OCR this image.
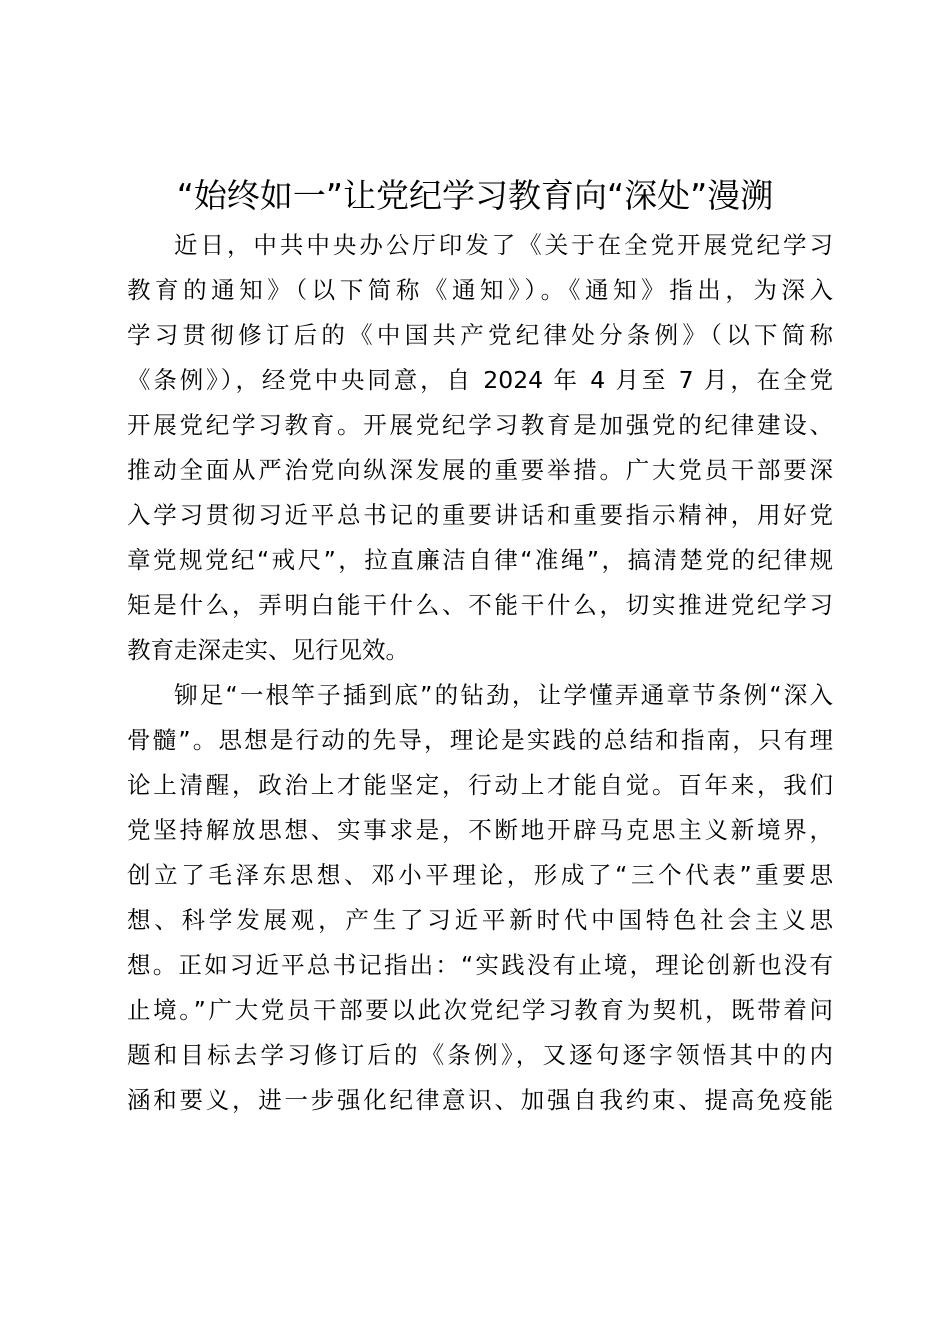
“始终如一”让党纪学习教育向“深处”漫溯
近日，中共中央办公厅印发了《关于在全党开展党纪学习
教育的通知》（以下简称《通知》）。《通知》指出，为深入
学习贯彻修订后的《中国共产党纪律处分条例》（以下简称
《条例》），经党中央同意，自 2024 年 4 月至 7 月，在全党
开展党纪学习教育。开展党纪学习教育是加强党的纪律建设、
推动全面从严治党向纵深发展的重要举措。广大党员干部要深
入学习贯彻习近平总书记的重要讲话和重要指示精神，用好党
章党规党纪“戒尺”，拉直廉洁自律“准绳”，搞清楚党的纪律规
矩是什么，弄明白能干什么、不能干什么，切实推进党纪学习
教育走深走实、见行见效。
铆足“一根竿子插到底”的钻劲，让学懂弄通章节条例“深入
骨髓”。思想是行动的先导，理论是实践的总结和指南，只有理
论上清醒，政治上才能坚定，行动上才能自觉。百年来，我们
党坚持解放思想、实事求是，不断地开辟马克思主义新境界，
创立了毛泽东思想、邓小平理论，形成了“三个代表”重要思
想、科学发展观，产生了习近平新时代中国特色社会主义思
想。正如习近平总书记指出：“实践没有止境，理论创新也没有
止境。”广大党员干部要以此次党纪学习教育为契机，既带着问
题和目标去学习修订后的《条例》，又逐句逐字领悟其中的内
涵和要义，进一步强化纪律意识、加强自我约束、提高免疫能
